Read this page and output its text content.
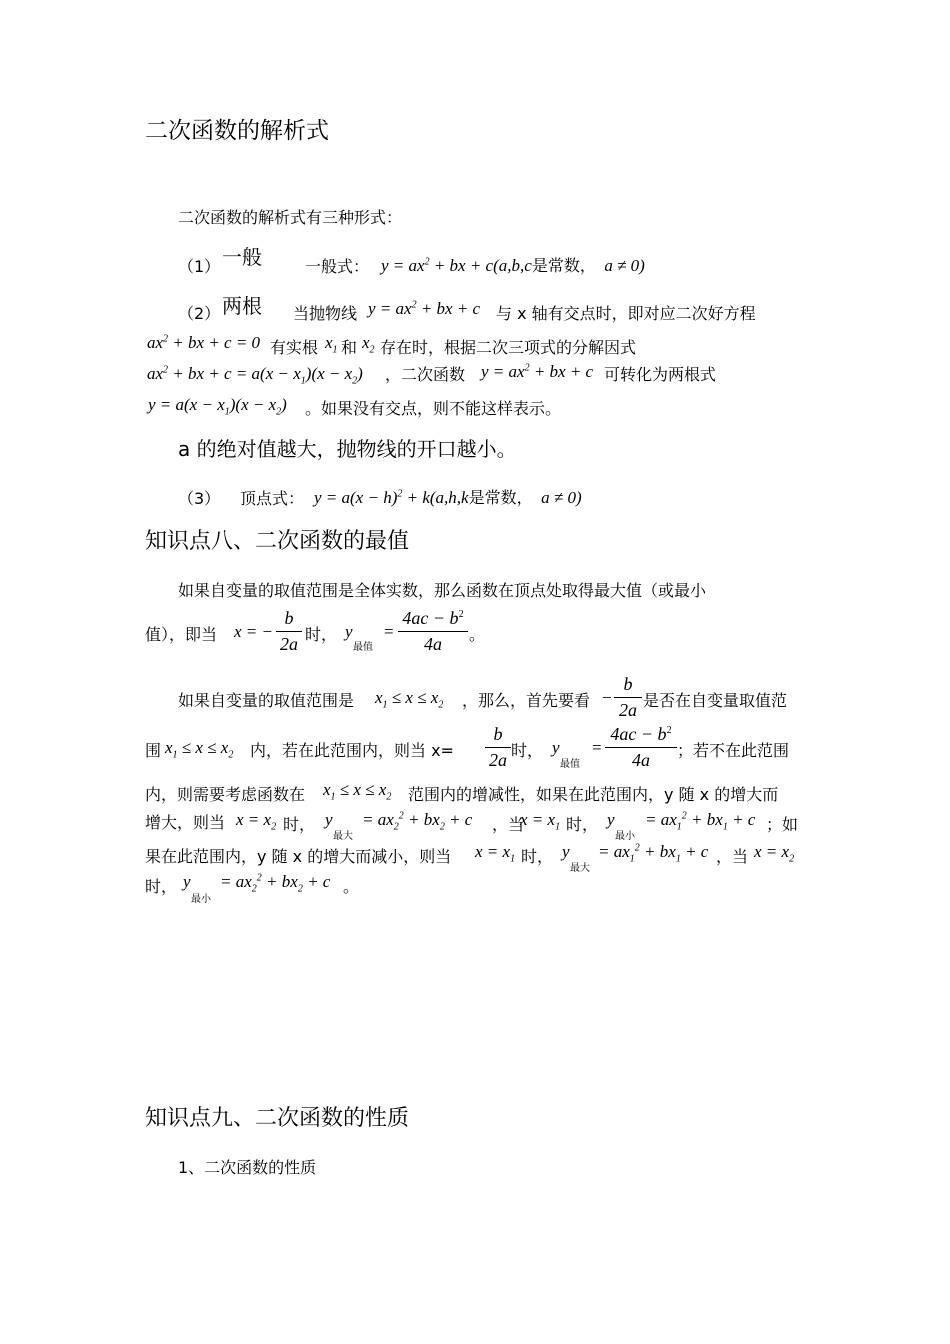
二次函数的解析式
二次函数的解析式有三种形式：
（1） 一般	一般式： $y = ax^2$ + bx + c(a,b,c是常数，  a ≠ 0)
（2） 两根 当抛物线 $y = ax^2$ + bx + c 与 x 轴有交点时，即对应二次好方程
$ax^2$ + bx + c = 0 有实根 $x_1$ 和 $x_2$ 存在时，根据二次三项式的分解因式
$ax^2$ + bx + $c = a(x - x_1)(x - x_2)$ ，二次函数 $y = ax^2$ + bx + c 可转化为两根式
$y = a(x - x_1)(x - x_2)$ 。如果没有交点，则不能这样表示。
a 的绝对值越大，抛物线的开口越小。
（3） 顶点式： $y = a(x - h)^2 + k(a,h,k$是常数，  a ≠ 0)
知识点八、二次函数的最值
如果自变量的取值范围是全体实数，那么函数在顶点处取得最大值（或最小
值），即当 x = −
b
2a 时， y
最值
=
$4ac - b^2$
4a	。
如果自变量的取值范围是 $x_1 \le x \le x_2$ ，那么，首先要看 −
b
2a 是否在自变量取值范
围 $x_1 \le x \le x_2$ 内，若在此范围内，则当 x=
b
2a 时， y
最值
=
$4ac - b^2$
4a	；若不在此范围
内，则需要考虑函数在 $x_1 \le x \le x_2$ 范围内的增减性，如果在此范围内，y 随 x 的增大而
增大，则当 $x = x_2$ 时， y
最大
= $ax_2^2 + bx_2 + c$ ，当
$x = x_1$ 时， y
最小
= $ax_1^2 + bx_1 + c$ ；如
果在此范围内，y 随 x 的增大而减小，则当 $x = x_1$ 时， y
最大
= $ax_1^2 + bx_1 + c$ ，当 $x = x_2$
时， y
最小
= $ax_2^2 + bx_2 + c$ 。
知识点九、二次函数的性质
1、二次函数的性质
